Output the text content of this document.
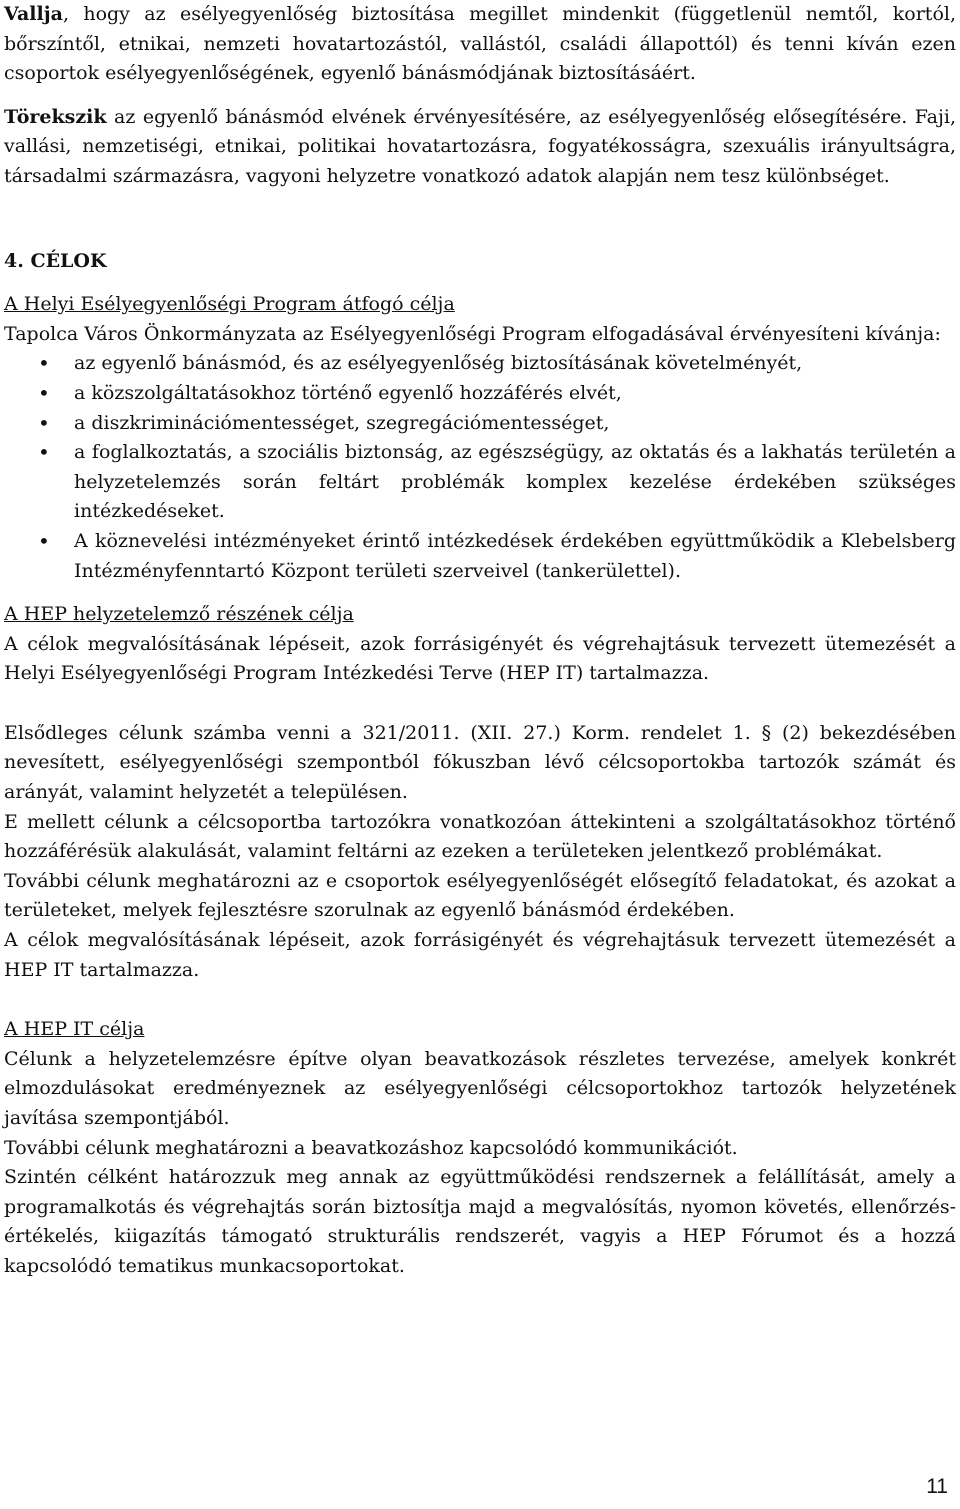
Vallja, hogy az esélyegyenlőség biztosítása megillet mindenkit (függetlenül nemtől, kortól, bőrszíntől, etnikai, nemzeti hovatartozástól, vallástól, családi állapottól) és tenni kíván ezen csoportok esélyegyenlőségének, egyenlő bánásmódjának biztosításáért.

Törekszik az egyenlő bánásmód elvének érvényesítésére, az esélyegyenlőség elősegítésére. Faji, vallási, nemzetiségi, etnikai, politikai hovatartozásra, fogyatékosságra, szexuális irányultságra, társadalmi származásra, vagyoni helyzetre vonatkozó adatok alapján nem tesz különbséget.

4. CÉLOK

A Helyi Esélyegyenlőségi Program átfogó célja

Tapolca Város Önkormányzata az Esélyegyenlőségi Program elfogadásával érvényesíteni kívánja:

• az egyenlő bánásmód, és az esélyegyenlőség biztosításának követelményét,
• a közszolgáltatásokhoz történő egyenlő hozzáférés elvét,
• a diszkriminációmentességet, szegregációmentességet,
• a foglalkoztatás, a szociális biztonság, az egészségügy, az oktatás és a lakhatás területén a helyzetelemzés során feltárt problémák komplex kezelése érdekében szükséges intézkedéseket.
• A köznevelési intézményeket érintő intézkedések érdekében együttműködik a Klebelsberg Intézményfenntartó Központ területi szerveivel (tankerülettel).

A HEP helyzetelemző részének célja

A célok megvalósításának lépéseit, azok forrásigényét és végrehajtásuk tervezett ütemezését a Helyi Esélyegyenlőségi Program Intézkedési Terve (HEP IT) tartalmazza.

Elsődleges célunk számba venni a 321/2011. (XII. 27.) Korm. rendelet 1. § (2) bekezdésében nevesített, esélyegyenlőségi szempontból fókuszban lévő célcsoportokba tartozók számát és arányát, valamint helyzetét a településen.

E mellett célunk a célcsoportba tartozókra vonatkozóan áttekinteni a szolgáltatásokhoz történő hozzáférésük alakulását, valamint feltárni az ezeken a területeken jelentkező problémákat.

További célunk meghatározni az e csoportok esélyegyenlőségét elősegítő feladatokat, és azokat a területeket, melyek fejlesztésre szorulnak az egyenlő bánásmód érdekében.

A célok megvalósításának lépéseit, azok forrásigényét és végrehajtásuk tervezett ütemezését a HEP IT tartalmazza.

A HEP IT célja

Célunk a helyzetelemzésre építve olyan beavatkozások részletes tervezése, amelyek konkrét elmozdulásokat eredményeznek az esélyegyenlőségi célcsoportokhoz tartozók helyzetének javítása szempontjából.

További célunk meghatározni a beavatkozáshoz kapcsolódó kommunikációt.

Szintén célként határozzuk meg annak az együttműködési rendszernek a felállítását, amely a programalkotás és végrehajtás során biztosítja majd a megvalósítás, nyomon követés, ellenőrzés-értékelés, kiigazítás támogató strukturális rendszerét, vagyis a HEP Fórumot és a hozzá kapcsolódó tematikus munkacsoportokat.

11
